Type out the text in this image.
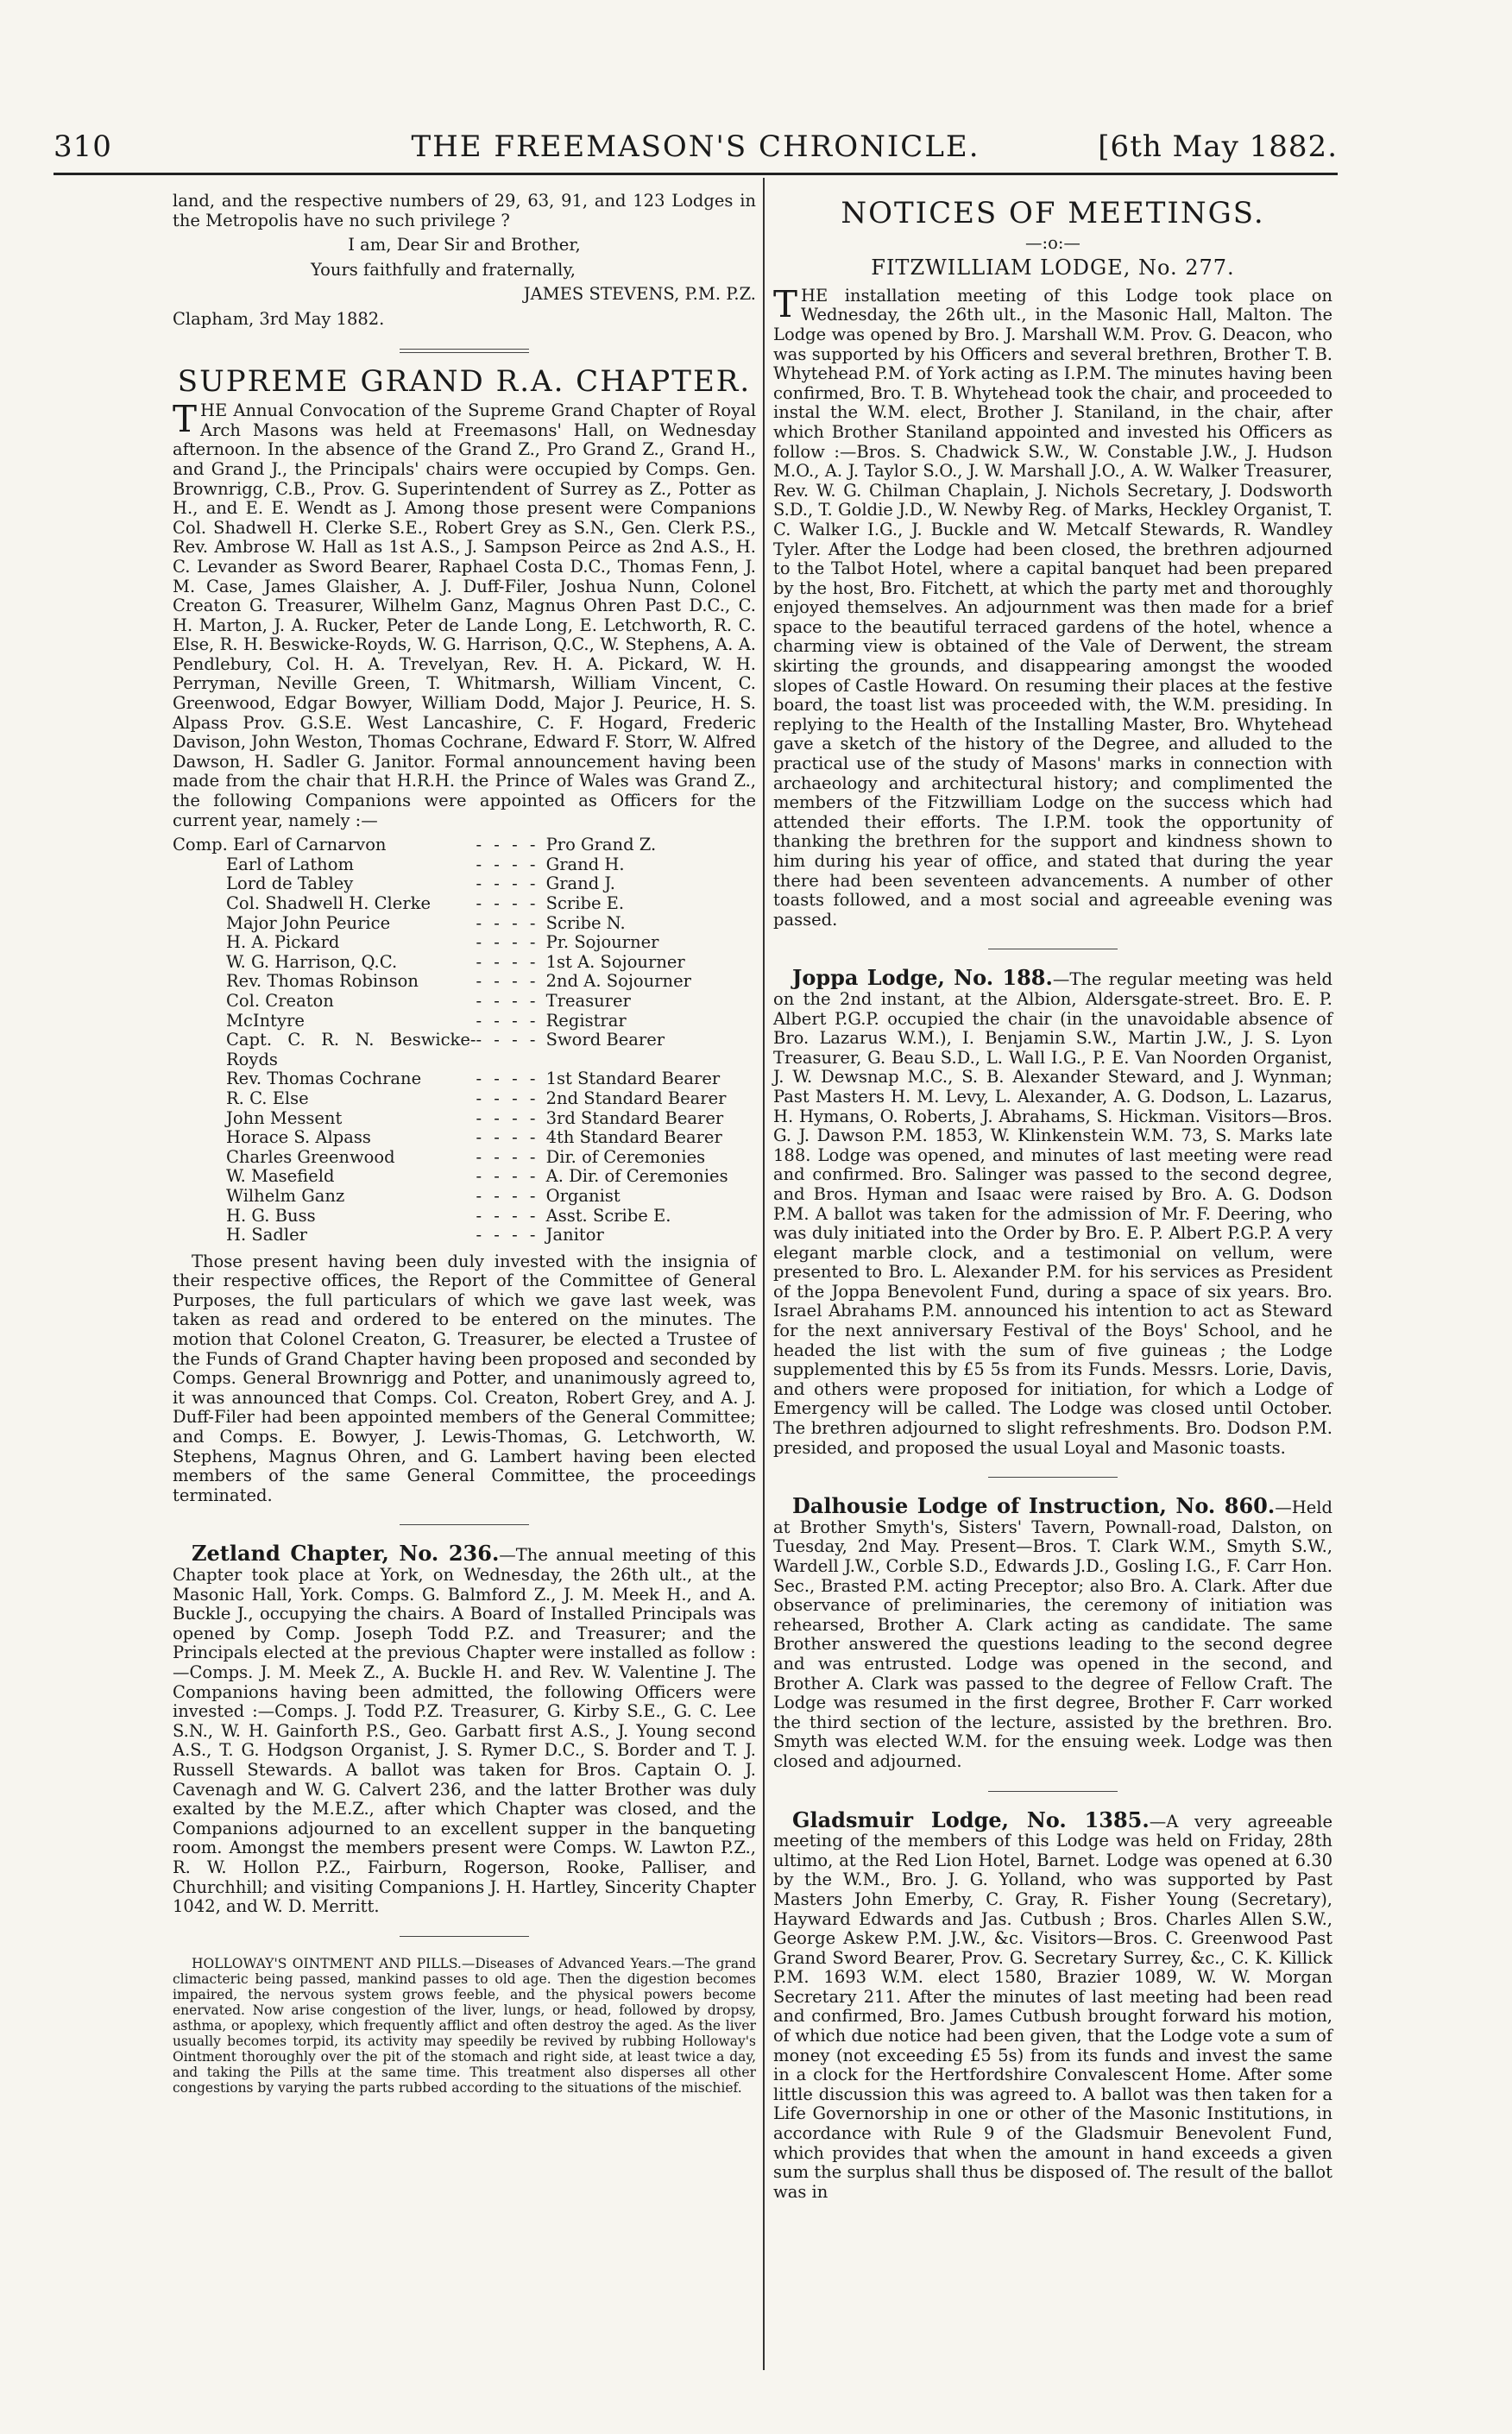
310	THE FREEMASON'S CHRONICLE.	[6th May 1882.

land, and the respective numbers of 29, 63, 91, and 123 Lodges in the Metropolis have no such privilege ?

I am, Dear Sir and Brother,

Yours faithfully and fraternally,

JAMES STEVENS, P.M. P.Z.

Clapham, 3rd May 1882.

SUPREME GRAND R.A. CHAPTER.

THE Annual Convocation of the Supreme Grand Chapter of Royal Arch Masons was held at Freemasons' Hall, on Wednesday afternoon. In the absence of the Grand Z., Pro Grand Z., Grand H., and Grand J., the Principals' chairs were occupied by Comps. Gen. Brownrigg, C.B., Prov. G. Superintendent of Surrey as Z., Potter as H., and E. E. Wendt as J. Among those present were Companions Col. Shadwell H. Clerke S.E., Robert Grey as S.N., Gen. Clerk P.S., Rev. Ambrose W. Hall as 1st A.S., J. Sampson Peirce as 2nd A.S., H. C. Levander as Sword Bearer, Raphael Costa D.C., Thomas Fenn, J. M. Case, James Glaisher, A. J. Duff-Filer, Joshua Nunn, Colonel Creaton G. Treasurer, Wilhelm Ganz, Magnus Ohren Past D.C., C. H. Marton, J. A. Rucker, Peter de Lande Long, E. Letchworth, R. C. Else, R. H. Beswicke-Royds, W. G. Harrison, Q.C., W. Stephens, A. A. Pendlebury, Col. H. A. Trevelyan, Rev. H. A. Pickard, W. H. Perryman, Neville Green, T. Whitmarsh, William Vincent, C. Greenwood, Edgar Bowyer, William Dodd, Major J. Peurice, H. S. Alpass Prov. G.S.E. West Lancashire, C. F. Hogard, Frederic Davison, John Weston, Thomas Cochrane, Edward F. Storr, W. Alfred Dawson, H. Sadler G. Janitor. Formal announcement having been made from the chair that H.R.H. the Prince of Wales was Grand Z., the following Companions were appointed as Officers for the current year, namely :—

Comp. Earl of Carnarvon	- - - -	Pro Grand Z.
Earl of Lathom	- - - -	Grand H.
Lord de Tabley	- - - -	Grand J.
Col. Shadwell H. Clerke	- - - -	Scribe E.
Major John Peurice	- - - -	Scribe N.
H. A. Pickard	- - - -	Pr. Sojourner
W. G. Harrison, Q.C.	- - - -	1st A. Sojourner
Rev. Thomas Robinson	- - - -	2nd A. Sojourner
Col. Creaton	- - - -	Treasurer
McIntyre	- - - -	Registrar
Capt. C. R. N. Beswicke-Royds	- - - -	Sword Bearer
Rev. Thomas Cochrane	- - - -	1st Standard Bearer
R. C. Else	- - - -	2nd Standard Bearer
John Messent	- - - -	3rd Standard Bearer
Horace S. Alpass	- - - -	4th Standard Bearer
Charles Greenwood	- - - -	Dir. of Ceremonies
W. Masefield	- - - -	A. Dir. of Ceremonies
Wilhelm Ganz	- - - -	Organist
H. G. Buss	- - - -	Asst. Scribe E.
H. Sadler	- - - -	Janitor

Those present having been duly invested with the insignia of their respective offices, the Report of the Committee of General Purposes, the full particulars of which we gave last week, was taken as read and ordered to be entered on the minutes. The motion that Colonel Creaton, G. Treasurer, be elected a Trustee of the Funds of Grand Chapter having been proposed and seconded by Comps. General Brownrigg and Potter, and unanimously agreed to, it was announced that Comps. Col. Creaton, Robert Grey, and A. J. Duff-Filer had been appointed members of the General Committee; and Comps. E. Bowyer, J. Lewis-Thomas, G. Letchworth, W. Stephens, Magnus Ohren, and G. Lambert having been elected members of the same General Committee, the proceedings terminated.

Zetland Chapter, No. 236.—The annual meeting of this Chapter took place at York, on Wednesday, the 26th ult., at the Masonic Hall, York. Comps. G. Balmford Z., J. M. Meek H., and A. Buckle J., occupying the chairs. A Board of Installed Principals was opened by Comp. Joseph Todd P.Z. and Treasurer; and the Principals elected at the previous Chapter were installed as follow :—Comps. J. M. Meek Z., A. Buckle H. and Rev. W. Valentine J. The Companions having been admitted, the following Officers were invested :—Comps. J. Todd P.Z. Treasurer, G. Kirby S.E., G. C. Lee S.N., W. H. Gainforth P.S., Geo. Garbatt first A.S., J. Young second A.S., T. G. Hodgson Organist, J. S. Rymer D.C., S. Border and T. J. Russell Stewards. A ballot was taken for Bros. Captain O. J. Cavenagh and W. G. Calvert 236, and the latter Brother was duly exalted by the M.E.Z., after which Chapter was closed, and the Companions adjourned to an excellent supper in the banqueting room. Amongst the members present were Comps. W. Lawton P.Z., R. W. Hollon P.Z., Fairburn, Rogerson, Rooke, Palliser, and Churchhill; and visiting Companions J. H. Hartley, Sincerity Chapter 1042, and W. D. Merritt.

HOLLOWAY'S OINTMENT AND PILLS.—Diseases of Advanced Years.—The grand climacteric being passed, mankind passes to old age. Then the digestion becomes impaired, the nervous system grows feeble, and the physical powers become enervated. Now arise congestion of the liver, lungs, or head, followed by dropsy, asthma, or apoplexy, which frequently afflict and often destroy the aged. As the liver usually becomes torpid, its activity may speedily be revived by rubbing Holloway's Ointment thoroughly over the pit of the stomach and right side, at least twice a day, and taking the Pills at the same time. This treatment also disperses all other congestions by varying the parts rubbed according to the situations of the mischief.

NOTICES OF MEETINGS.
—:o:—
FITZWILLIAM LODGE, No. 277.

THE installation meeting of this Lodge took place on Wednesday, the 26th ult., in the Masonic Hall, Malton. The Lodge was opened by Bro. J. Marshall W.M. Prov. G. Deacon, who was supported by his Officers and several brethren, Brother T. B. Whytehead P.M. of York acting as I.P.M. The minutes having been confirmed, Bro. T. B. Whytehead took the chair, and proceeded to instal the W.M. elect, Brother J. Staniland, in the chair, after which Brother Staniland appointed and invested his Officers as follow :—Bros. S. Chadwick S.W., W. Constable J.W., J. Hudson M.O., A. J. Taylor S.O., J. W. Marshall J.O., A. W. Walker Treasurer, Rev. W. G. Chilman Chaplain, J. Nichols Secretary, J. Dodsworth S.D., T. Goldie J.D., W. Newby Reg. of Marks, Heckley Organist, T. C. Walker I.G., J. Buckle and W. Metcalf Stewards, R. Wandley Tyler. After the Lodge had been closed, the brethren adjourned to the Talbot Hotel, where a capital banquet had been prepared by the host, Bro. Fitchett, at which the party met and thoroughly enjoyed themselves. An adjournment was then made for a brief space to the beautiful terraced gardens of the hotel, whence a charming view is obtained of the Vale of Derwent, the stream skirting the grounds, and disappearing amongst the wooded slopes of Castle Howard. On resuming their places at the festive board, the toast list was proceeded with, the W.M. presiding. In replying to the Health of the Installing Master, Bro. Whytehead gave a sketch of the history of the Degree, and alluded to the practical use of the study of Masons' marks in connection with archaeology and architectural history; and complimented the members of the Fitzwilliam Lodge on the success which had attended their efforts. The I.P.M. took the opportunity of thanking the brethren for the support and kindness shown to him during his year of office, and stated that during the year there had been seventeen advancements. A number of other toasts followed, and a most social and agreeable evening was passed.

Joppa Lodge, No. 188.—The regular meeting was held on the 2nd instant, at the Albion, Aldersgate-street. Bro. E. P. Albert P.G.P. occupied the chair (in the unavoidable absence of Bro. Lazarus W.M.), I. Benjamin S.W., Martin J.W., J. S. Lyon Treasurer, G. Beau S.D., L. Wall I.G., P. E. Van Noorden Organist, J. W. Dewsnap M.C., S. B. Alexander Steward, and J. Wynman; Past Masters H. M. Levy, L. Alexander, A. G. Dodson, L. Lazarus, H. Hymans, O. Roberts, J. Abrahams, S. Hickman. Visitors—Bros. G. J. Dawson P.M. 1853, W. Klinkenstein W.M. 73, S. Marks late 188. Lodge was opened, and minutes of last meeting were read and confirmed. Bro. Salinger was passed to the second degree, and Bros. Hyman and Isaac were raised by Bro. A. G. Dodson P.M. A ballot was taken for the admission of Mr. F. Deering, who was duly initiated into the Order by Bro. E. P. Albert P.G.P. A very elegant marble clock, and a testimonial on vellum, were presented to Bro. L. Alexander P.M. for his services as President of the Joppa Benevolent Fund, during a space of six years. Bro. Israel Abrahams P.M. announced his intention to act as Steward for the next anniversary Festival of the Boys' School, and he headed the list with the sum of five guineas ; the Lodge supplemented this by £5 5s from its Funds. Messrs. Lorie, Davis, and others were proposed for initiation, for which a Lodge of Emergency will be called. The Lodge was closed until October. The brethren adjourned to slight refreshments. Bro. Dodson P.M. presided, and proposed the usual Loyal and Masonic toasts.

Dalhousie Lodge of Instruction, No. 860.—Held at Brother Smyth's, Sisters' Tavern, Pownall-road, Dalston, on Tuesday, 2nd May. Present—Bros. T. Clark W.M., Smyth S.W., Wardell J.W., Corble S.D., Edwards J.D., Gosling I.G., F. Carr Hon. Sec., Brasted P.M. acting Preceptor; also Bro. A. Clark. After due observance of preliminaries, the ceremony of initiation was rehearsed, Brother A. Clark acting as candidate. The same Brother answered the questions leading to the second degree and was entrusted. Lodge was opened in the second, and Brother A. Clark was passed to the degree of Fellow Craft. The Lodge was resumed in the first degree, Brother F. Carr worked the third section of the lecture, assisted by the brethren. Bro. Smyth was elected W.M. for the ensuing week. Lodge was then closed and adjourned.

Gladsmuir Lodge, No. 1385.—A very agreeable meeting of the members of this Lodge was held on Friday, 28th ultimo, at the Red Lion Hotel, Barnet. Lodge was opened at 6.30 by the W.M., Bro. J. G. Yolland, who was supported by Past Masters John Emerby, C. Gray, R. Fisher Young (Secretary), Hayward Edwards and Jas. Cutbush ; Bros. Charles Allen S.W., George Askew P.M. J.W., &c. Visitors—Bros. C. Greenwood Past Grand Sword Bearer, Prov. G. Secretary Surrey, &c., C. K. Killick P.M. 1693 W.M. elect 1580, Brazier 1089, W. W. Morgan Secretary 211. After the minutes of last meeting had been read and confirmed, Bro. James Cutbush brought forward his motion, of which due notice had been given, that the Lodge vote a sum of money (not exceeding £5 5s) from its funds and invest the same in a clock for the Hertfordshire Convalescent Home. After some little discussion this was agreed to. A ballot was then taken for a Life Governorship in one or other of the Masonic Institutions, in accordance with Rule 9 of the Gladsmuir Benevolent Fund, which provides that when the amount in hand exceeds a given sum the surplus shall thus be disposed of. The result of the ballot was in
